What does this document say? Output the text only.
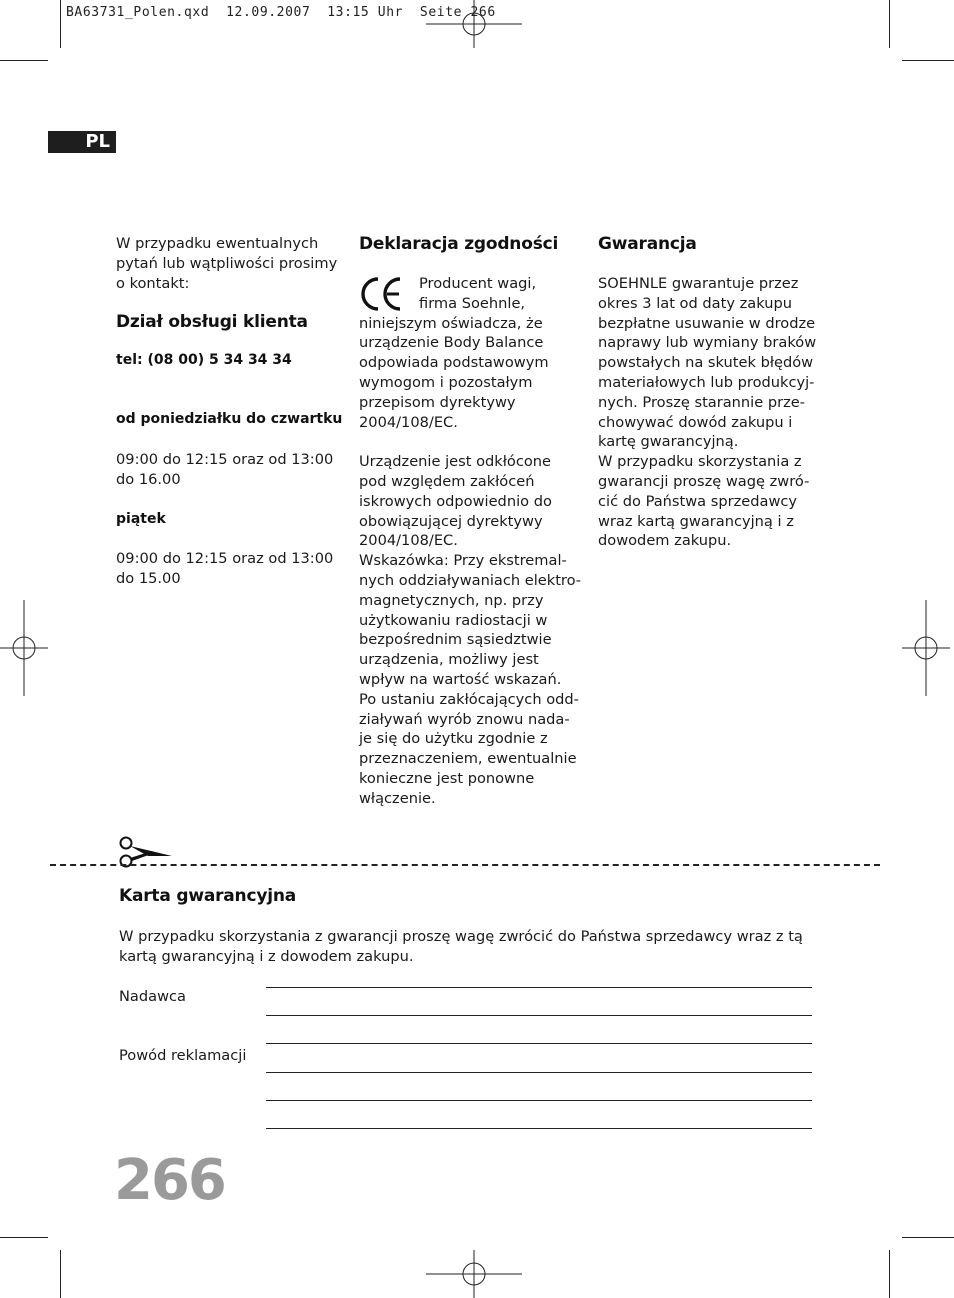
BA63731_Polen.qxd  12.09.2007  13:15 Uhr  Seite 266
PL

W przypadku ewentualnych
pytań lub wątpliwości prosimy
o kontakt:

Dział obsługi klienta

tel: (08 00) 5 34 34 34

od poniedziałku do czwartku

09:00 do 12:15 oraz od 13:00
do 16.00

piątek

09:00 do 12:15 oraz od 13:00
do 15.00

Deklaracja zgodności

Producent wagi,
firma Soehnle,

niniejszym oświadcza, że
urządzenie Body Balance
odpowiada podstawowym
wymogom i pozostałym
przepisom dyrektywy
2004/108/EC.

Urządzenie jest odkłócone
pod względem zakłóceń
iskrowych odpowiednio do
obowiązującej dyrektywy
2004/108/EC.
Wskazówka: Przy ekstremal-
nych oddziaływaniach elektro-
magnetycznych, np. przy
użytkowaniu radiostacji w
bezpośrednim sąsiedztwie
urządzenia, możliwy jest
wpływ na wartość wskazań.
Po ustaniu zakłócających odd-
ziaływań wyrób znowu nada-
je się do użytku zgodnie z
przeznaczeniem, ewentualnie
konieczne jest ponowne
włączenie.

Gwarancja

SOEHNLE gwarantuje przez
okres 3 lat od daty zakupu
bezpłatne usuwanie w drodze
naprawy lub wymiany braków
powstałych na skutek błędów
materiałowych lub produkcyj-
nych. Proszę starannie prze-
chowywać dowód zakupu i
kartę gwarancyjną.
W przypadku skorzystania z
gwarancji proszę wagę zwró-
cić do Państwa sprzedawcy
wraz kartą gwarancyjną i z
dowodem zakupu.

Karta gwarancyjna

W przypadku skorzystania z gwarancji proszę wagę zwrócić do Państwa sprzedawcy wraz z tą
kartą gwarancyjną i z dowodem zakupu.

Nadawca
Powód reklamacji
266
